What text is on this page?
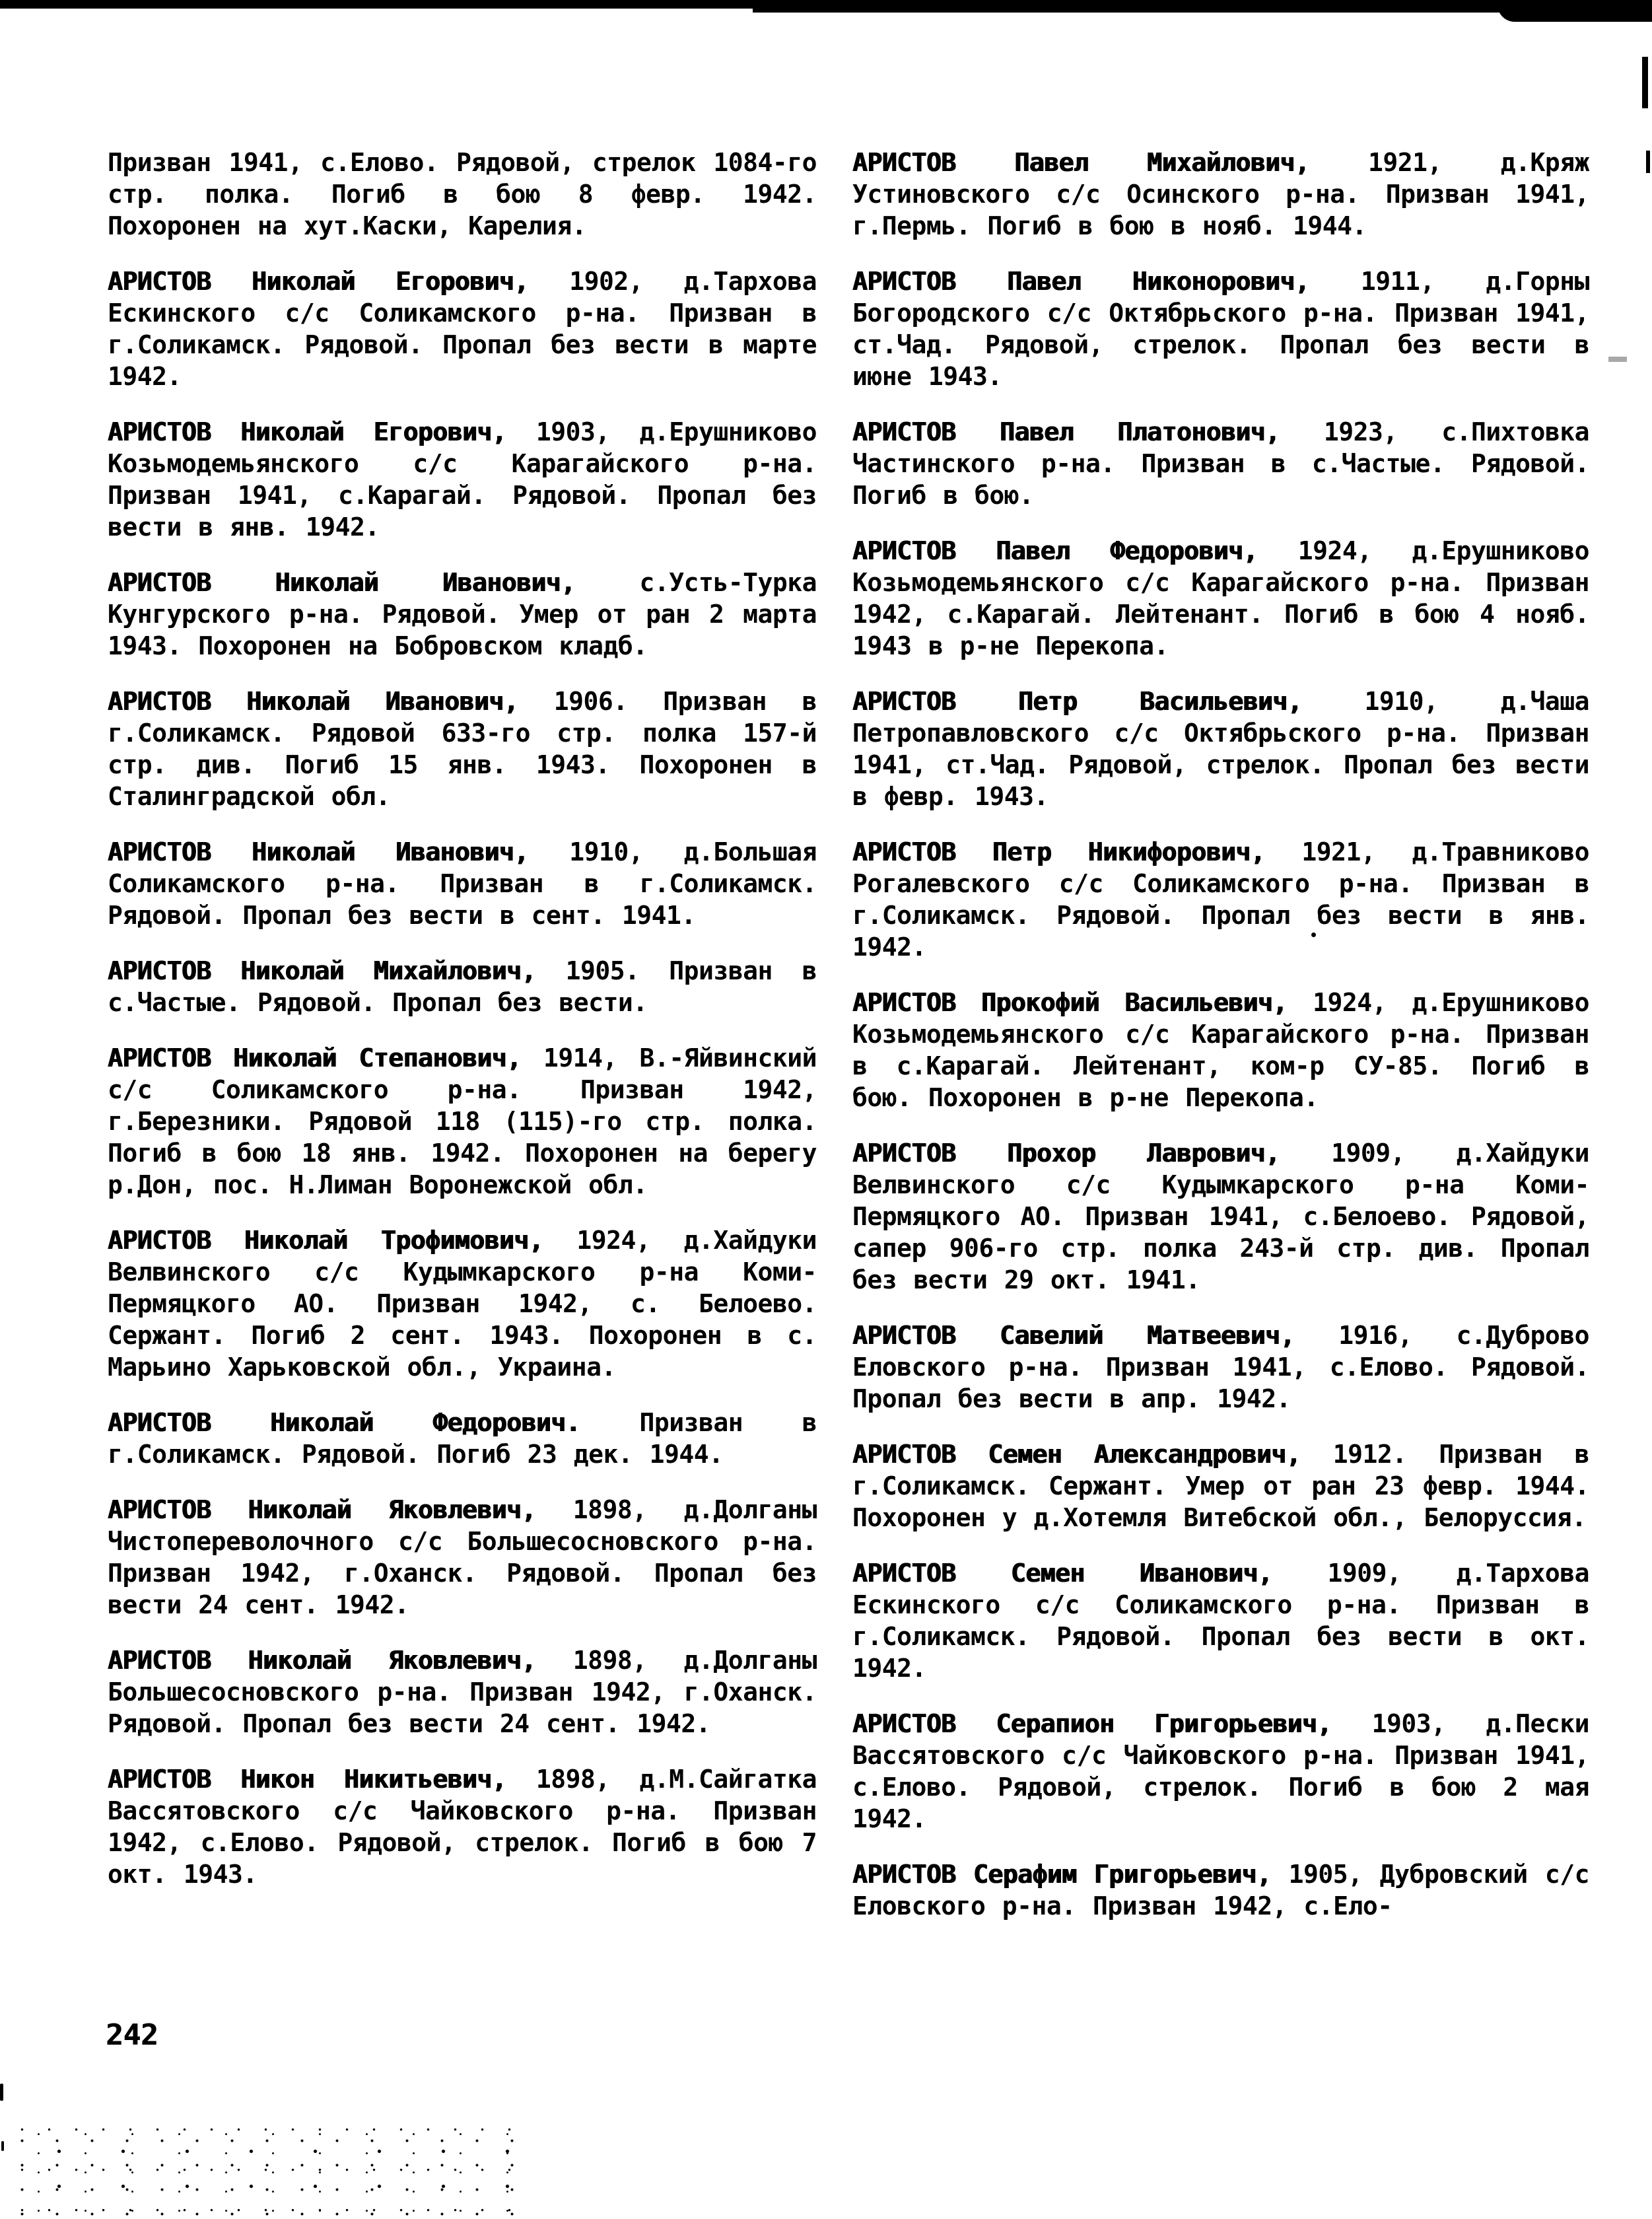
Призван 1941, с.Елово. Рядовой, стрелок 1084-го стр. полка. Погиб в бою 8 февр. 1942. Похоронен на хут.Каски, Карелия.

АРИСТОВ Николай Егорович, 1902, д.Тархова Ескинского с/с Соликамского р-на. Призван в г.Соликамск. Рядовой. Пропал без вести в марте 1942.

АРИСТОВ Николай Егорович, 1903, д.Ерушниково Козьмодемьянского с/с Карагайского р-на. Призван 1941, с.Карагай. Рядовой. Пропал без вести в янв. 1942.

АРИСТОВ Николай Иванович, с.Усть-Турка Кунгурского р-на. Рядовой. Умер от ран 2 марта 1943. Похоронен на Бобровском кладб.

АРИСТОВ Николай Иванович, 1906. Призван в г.Соликамск. Рядовой 633-го стр. полка 157-й стр. див. Погиб 15 янв. 1943. Похоронен в Сталинградской обл.

АРИСТОВ Николай Иванович, 1910, д.Большая Соликамского р-на. Призван в г.Соликамск. Рядовой. Пропал без вести в сент. 1941.

АРИСТОВ Николай Михайлович, 1905. Призван в с.Частые. Рядовой. Пропал без вести.

АРИСТОВ Николай Степанович, 1914, В.-Яйвинский с/с Соликамского р-на. Призван 1942, г.Березники. Рядовой 118 (115)-го стр. полка. Погиб в бою 18 янв. 1942. Похоронен на берегу р.Дон, пос. Н.Лиман Воронежской обл.

АРИСТОВ Николай Трофимович, 1924, д.Хайдуки Велвинского с/с Кудымкарского р-на Коми-Пермяцкого АО. Призван 1942, с. Белоево. Сержант. Погиб 2 сент. 1943. Похоронен в с. Марьино Харьковской обл., Украина.

АРИСТОВ Николай Федорович. Призван в г.Соликамск. Рядовой. Погиб 23 дек. 1944.

АРИСТОВ Николай Яковлевич, 1898, д.Долганы Чистопереволочного с/с Большесосновского р-на. Призван 1942, г.Оханск. Рядовой. Пропал без вести 24 сент. 1942.

АРИСТОВ Николай Яковлевич, 1898, д.Долганы Большесосновского р-на. Призван 1942, г.Оханск. Рядовой. Пропал без вести 24 сент. 1942.

АРИСТОВ Никон Никитьевич, 1898, д.М.Сайгатка Вассятовского с/с Чайковского р-на. Призван 1942, с.Елово. Рядовой, стрелок. Погиб в бою 7 окт. 1943.

АРИСТОВ Павел Михайлович, 1921, д.Кряж Устиновского с/с Осинского р-на. Призван 1941, г.Пермь. Погиб в бою в нояб. 1944.

АРИСТОВ Павел Никонорович, 1911, д.Горны Богородского с/с Октябрьского р-на. Призван 1941, ст.Чад. Рядовой, стрелок. Пропал без вести в июне 1943.

АРИСТОВ Павел Платонович, 1923, с.Пихтовка Частинского р-на. Призван в с.Частые. Рядовой. Погиб в бою.

АРИСТОВ Павел Федорович, 1924, д.Ерушниково Козьмодемьянского с/с Карагайского р-на. Призван 1942, с.Карагай. Лейтенант. Погиб в бою 4 нояб. 1943 в р-не Перекопа.

АРИСТОВ Петр Васильевич, 1910, д.Чаша Петропавловского с/с Октябрьского р-на. Призван 1941, ст.Чад. Рядовой, стрелок. Пропал без вести в февр. 1943.

АРИСТОВ Петр Никифорович, 1921, д.Травниково Рогалевского с/с Соликамского р-на. Призван в г.Соликамск. Рядовой. Пропал без вести в янв. 1942.

АРИСТОВ Прокофий Васильевич, 1924, д.Ерушниково Козьмодемьянского с/с Карагайского р-на. Призван в с.Карагай. Лейтенант, ком-р СУ-85. Погиб в бою. Похоронен в р-не Перекопа.

АРИСТОВ Прохор Лаврович, 1909, д.Хайдуки Велвинского с/с Кудымкарского р-на Коми-Пермяцкого АО. Призван 1941, с.Белоево. Рядовой, сапер 906-го стр. полка 243-й стр. див. Пропал без вести 29 окт. 1941.

АРИСТОВ Савелий Матвеевич, 1916, с.Дуброво Еловского р-на. Призван 1941, с.Елово. Рядовой. Пропал без вести в апр. 1942.

АРИСТОВ Семен Александрович, 1912. Призван в г.Соликамск. Сержант. Умер от ран 23 февр. 1944. Похоронен у д.Хотемля Витебской обл., Белоруссия.

АРИСТОВ Семен Иванович, 1909, д.Тархова Ескинского с/с Соликамского р-на. Призван в г.Соликамск. Рядовой. Пропал без вести в окт. 1942.

АРИСТОВ Серапион Григорьевич, 1903, д.Пески Вассятовского с/с Чайковского р-на. Призван 1941, с.Елово. Рядовой, стрелок. Погиб в бою 2 мая 1942.

АРИСТОВ Серафим Григорьевич, 1905, Дубровский с/с Еловского р-на. Призван 1942, с.Ело-

242
